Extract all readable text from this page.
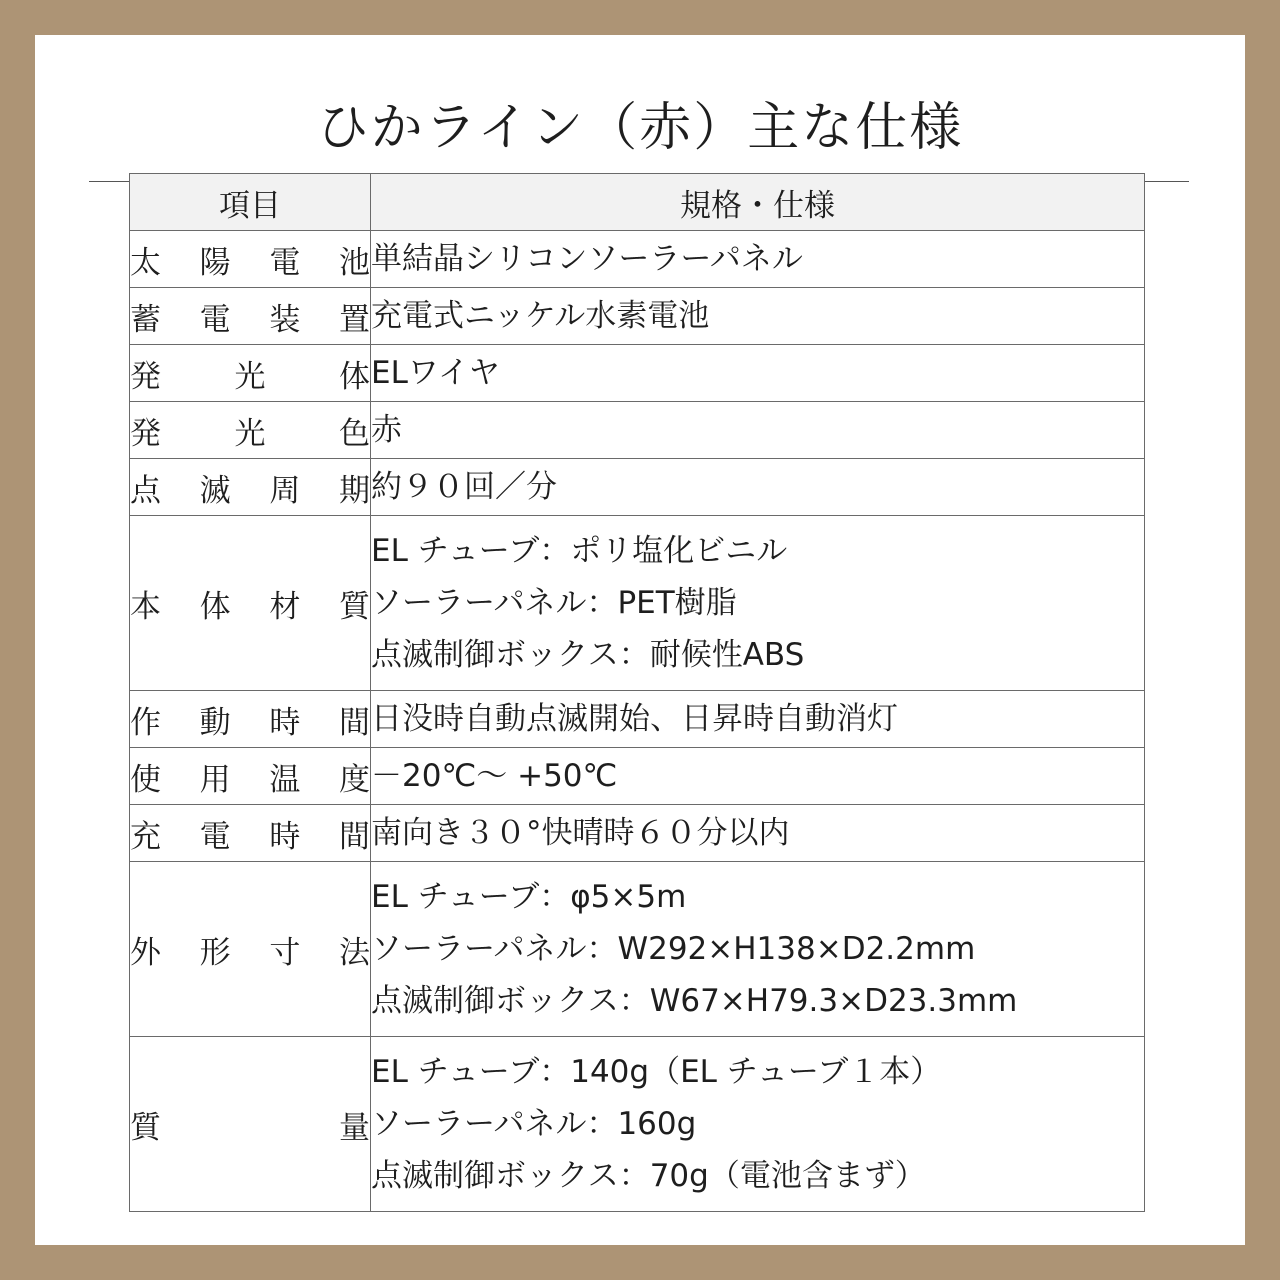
ひかライン（赤）主な仕様
項目	規格・仕様

太 陽 電 池	単結晶シリコンソーラーパネル

蓄 電 装 置	充電式ニッケル水素電池

発 光 体	ELワイヤ

発 光 色	赤

点 滅 周 期	約９０回／分

本 体 材 質	EL チューブ：ポリ塩化ビニル
ソーラーパネル：PET樹脂
点滅制御ボックス：耐候性ABS

作 動 時 間	日没時自動点滅開始、日昇時自動消灯

使 用 温 度	－20℃～ +50℃

充 電 時 間	南向き３０°快晴時６０分以内

外 形 寸 法	EL チューブ：φ5×5m
ソーラーパネル：W292×H138×D2.2mm
点滅制御ボックス：W67×H79.3×D23.3mm

質 量	EL チューブ：140g（EL チューブ１本）
ソーラーパネル：160g
点滅制御ボックス：70g（電池含まず）
